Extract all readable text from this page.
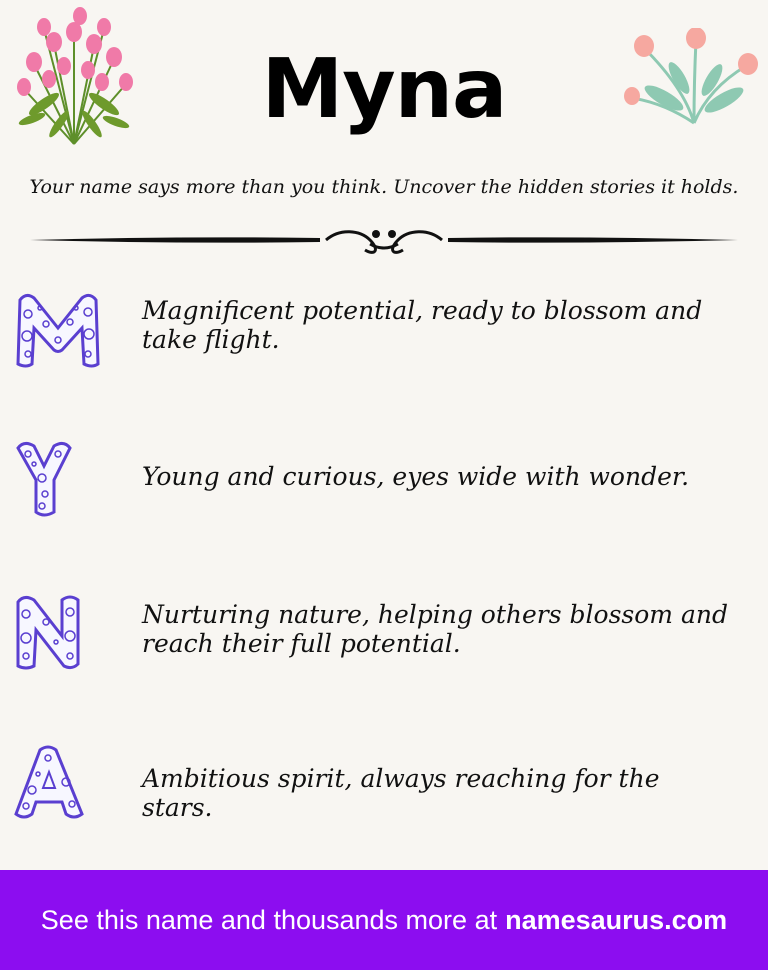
Myna
Your name says more than you think. Uncover the hidden stories it holds.
Magnificent potential, ready to blossom and take flight.
Young and curious, eyes wide with wonder.
Nurturing nature, helping others blossom and reach their full potential.
Ambitious spirit, always reaching for the stars.
See this name and thousands more at namesaurus.com
